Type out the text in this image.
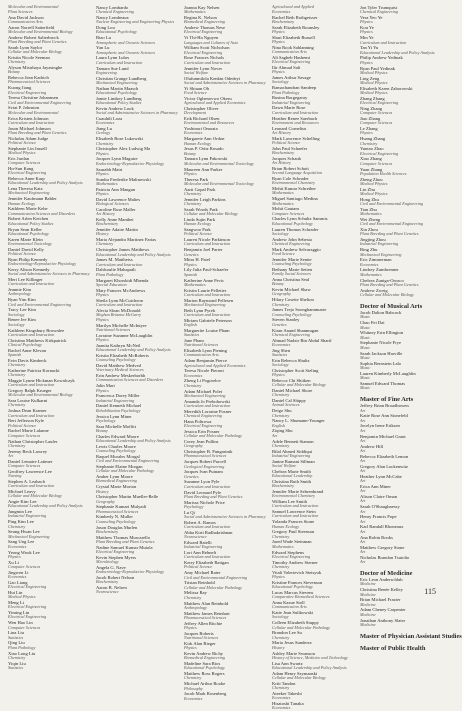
Molecular and Environmental
Plant Sciences
Ana David Jackson
Communication Arts
Aaron Norrell Satterfield
Molecular and Environmental Biology
Andrew Robert Salierbrock
Plant Breeding and Plant Genetics
Sarah Lynn Saylor
Cellular and Molecular Biology
Kristin Nicole Seeman
Chemistry
Alyson Mistrhaya Jayasinghe
Botany
Rebecca Jean Kadrich
Pharmaceutical Sciences
Kuong Jiang
Electrical Engineering
Teresa Christine Johannsen
Civil and Environmental Engineering
Sviat P. Johnston
Molecular and Environmental
Erica Kristen Johnson
Curriculum and Instruction
Jason Michael Johnson
Plant Breeding and Plant Genetics
Nicholas Adam Judge
Political Science
Stephanie Lin Jassell
Medical Physics
Eric Jurdan
Computer Sciences
Hu-Sun Kang
Electrical Engineering
Rebecca Anne Karp
Educational Leadership and Policy Analysis
Lena Theresa Katz
Mechanical Engineering
Jennifer Kaufmann Babler
Human Ecology
Kathleen Marie Kebe
Communication Sciences and Disorders
Robert Arlen Ketchen
Educational Policy Studies
Bryan Sean Keller
Educational Psychology
Karen Marie Klein
Environmental Toxicology
Daniel David Kelly
Political Science
Ryan Philip Kennedy
Endocrinology-Reproductive Physiology
Kerry Alison Kennedy
Social and Administrative Sciences in Pharmacy
Meri Lee Killinger
Curriculum and Instruction
Jeannie Kim
Anthropology
Ryan Yim Kim
Civil and Environmental Engineering
Tracy Lee Kim
Sociology
Renee Jee Kim
Sociology
Kathleen Kingsbury Brownlee
Curriculum and Instruction
Christina Matthews Kirkpatrick
Clinical Psychology
Rachel Anne Klevan
Spanish
Evin Davis Kimbeck
Chemistry
Katherine Patricia Kornacki
Chemistry
Maggie Lynne Hickman Kowalczyk
Curriculum and Instruction
Gregory Ralph Krueger
Molecular and Environmental Biology
Sara Louise Kulkarni
Chemistry
Joshua Dean Kramer
Curriculum and Instruction
Bert Jefferson Kyle
Political Science
Rachel Marie Lalanne
Computer Sciences
Nathan Christopher Laufer
Chemistry
Jeremy Beck Lawrey
Art
Daniel Lemaire Latimer
Computer Sciences
Geoffrey Lawrence Lee
Nursing
Stephen A. Leabach
Curriculum and Instruction
Michael Leavy
Cellular and Molecular Biology
Angie Kim Lee
Educational Leadership and Policy Analysis
Jungmin Lee
Industrial Engineering
Ping Kim Lee
Chemistry
Seung Hwan Lee
Mechanical Engineering
Sang Ung Lee
Economics
Yeong Wook Lee
Physics
Xu Li
Computer Sciences
Jingwen Li
Economics
Gao Liang
Electrical Engineering
Hui Lin
Medical Physics
Meng Li
Electrical Engineering
Yiming Lin
Electrical Engineering
Wen Hao Lin
Computer Sciences
Lina Liu
Statistics
Qing Liu
Plant Pathology
Xiao Long Liu
Chemistry
Yiqin Liu
Statistics
Nancy Lombardo
Chemical Engineering
Nancy Lombeaux
Nuclear Engineering and Engineering Physics
Dong Lou
Educational Psychology
Biao Lu
Atmospheric and Oceanic Sciences
Yan Lu
Atmospheric and Oceanic Sciences
Laura Lynn Luhrs
Curriculum and Instruction
Tamara Sue Lund
Engineering
Christian Grange Lundberg
Mechanical Engineering
Nathan Martin Maasch
Educational Psychology
Jamie Lindsey Lundberg
Educational Policy Studies
Kevin Andrew Look
Social and Administrative Sciences in Pharmacy
Cuauhtli Loza
Economics
Jiang Lu
Geology
Elisabeth Rose Lukowski
Chemistry
Christopher Alex Ludwig Ma
Physics
Jacques Lynn Maguire
Endocrinology-Reproductive Physiology
Saurabh Mairi
Physics
Sondra Frederike Malinowski
Mathematics
Patricia Ann Mangan
Physics
David Lawrence Maltes
Biological Sciences
Caroline Rose Maller
Art History
Kelly Anne Manthei
Biochemistry
Jennifer Adaire Martin
History
Maria Alejandra Martinez Farias
Chemistry
Christopher James Matthews
Educational Leadership and Policy Analysis
James M. Mattheiss
Curriculum and Instruction
Dahlsoulie Mahapatli
Plant Pathology
Margaret Khorshidi Mbenda
Special Education
Mary Frances McAndrews
Physics
Sheila Lynn McCutcheon
Curriculum and Instruction
Alecia Sloan McDonald
Meghan Brianna McGarry
Physics
Marilyn Michelle McIntyre
Nutritional Sciences
Lorraine Suzanne McLaughlin
Physics
Juanita Kathryn McNeil
Educational Leadership and Policy Analysis
Kristin Elizabeth McRoberts
Counseling Psychology
David Matthew Medved
Veterinary Medical Sciences
Erin Andrew Meskerborbh
Communication Sciences and Disorders
Jalin Mari
Physics
Francesca Dorey Miller
Industrial Engineering
Daniel Kenneth Michael
Rehabilitation Psychology
Jessica Lynn Miner
Psychology
Sara Michelle Moffitt
Botany
Charles Edward Moore
Educational Leadership and Policy Analysis
Lewis Charles Moore
Counseling Psychology
Raquel Morales Morgal
Civil and Environmental Engineering
Stephanie Elaine Morgan
Cellular and Molecular Pathology
Amber Lynn Moore
Biomedical Engineering
Crystal Marie Morton
History
Christopher Martin Mueller-Belle
Geography
Stephanie Kumari Mulyadi
Pharmaceutical Sciences
Kimberly N. Muller
Counseling Psychology
Jason Douglas Murlen
Biochemistry
Matthew Thomas Muscarello
Plant Breeding and Plant Genetics
Nadine Samuel Kumar Mutola
Electrical Engineering
Kevin Stephen Myers
Microbiology
Angela G. Nave
Endocrinology-Reproductive Physiology
Jacob Robert Nelson
Biochemistry
Aaron B. Nelsen
Neuroscience
Joanna Kay Nelsen
Mathematics
Regina K. Nelson
Biomedical Engineering
Andrew Thomas Nese
Electrical Engineering
Vi Thi-Ha Nguyen
Languages and Cultures of Asia
William Scott Nicholson
Electrical Engineering
Rose Frances Nichols
Curriculum and Instruction
Jennifer Lynn Nover
Social Welfare
Olufunmilola Kenkin Odedeyi
Social and Administrative Sciences in Pharmacy
Yi Shiuan Oh
Food Science
Victor Oghenovwo Okeru
Agricultural and Applied Economics
Christopher Oliver
Development
Erik Richard Olsen
Environmental and Resources
Yoshinori Omoata
Economics
Margarete Ann Ordon
Human Ecology
Jesus P. Ortiz Rosado
Botany
Tamara Lynn Pakowski
Molecular and Environmental Toxicology
Maureen Ann Parker
Physics
Theresa Park
Molecular and Environmental Toxicology
Aarti Gopal Park
Chemistry
Jennifer Leigh Parkins
Chemistry
Sarah Woods Park
Cellular and Molecular Biology
Linda Sujin Park
Human Ecology
Sangwoo Park
Political Science
Lauren Nicole Parkinson
Curriculum and Instruction
Benjamin Joel Parter
Genetics
Mitra H. Patel
Physics
Lily Julia Paul-Schaefer
Spanish
Katherine Anne Pecic
Mathematics
Kristin Laurie Pelletier
Curriculum and Instruction
Marion Raymond Pellesen
Mechanical Engineering
Beth Lynn Pyrek
Curriculum and Instruction
Miriam Gabriele Peterson
English
Marguerite Louise Pham
Statistics
Jane Pham
Nutritional Sciences
Elisabeth Lynn Piening
Communication Arts
Adam Benjamin Pierce
Agricultural and Applied Economics
Teresa Nicole Pieroni
Economics
Zheng Li Pogorelov
Chemistry
Adam Michael Polet
Mechanical Engineering
Amanda Jo Prebohowski
Curriculum and Instruction
Meredith Lorraine Posner
Chemical Engineering
Hana Poltrowa
Electrical Engineering
Jessica Erin Posner
Cellular and Molecular Pathology
Corey Jean Pullins
Geography
Christopher B. Pungartnik
Pharmaceutical Sciences
Jacques Robert Purcell
Geological Engineering
Jacques Ivan Putnam
Genetics
Suzanne Lyon Pyle
Curriculum and Instruction
David Leonard Pyle
Plant Breeding and Plant Genetics
Marissa Nichole Price
Psychology
Lu Qi
Social and Administrative Sciences in Pharmacy
Robert A. Ramos
Curriculum and Instruction
Abha Kirti Radhakrishnan
Neuroscience
Edward Ratelli
Industrial Engineering
Lori Ann Rehnelt
Curriculum and Instruction
Kerry Elizabeth Ratigan
Political Science
Amy Michael Rater
Civil and Environmental Engineering
Tristan Reinhold
Cellular and Molecular Pathology
Melissa Ray
Chemistry
Matthew Alan Reinbold
Anthropology
Matthew James Reinhart
Pharmaceutical Sciences
Jeffrey Allen Ritchie
Physics
Jacques Roberts
Nutritional Sciences
Kirk Alan Rieger
Physics
Kevin Andrew Richy
Biomedical Engineering
Madeline Sara Rios
Educational Psychology
Matthew Ross Rogers
Chemistry
Michael Arthur Rooke
Philosophy
Jacob Mark Rosenberg
Economics
Agricultural and Applied
Economics
Rachel Beth Rothgeisser
Biochemistry
Sarah Elizabeth Rounsley
Physics
Shari Elizabeth Russell
Physics
Nina Rook Sahlanning
Communication Arts
Ali Sagheb Hashemi
Electrical Engineering
Ilir Ahmad Sali
Physics
James Arthur Savage
Sociology
Ramachandran Sandeep
Plant Pathology
Rusina Borgegaray
Industrial Engineering
Dawn Marie Rose
Curriculum and Instruction
Heather Renee Saerbach
Environment and Resources
Leonard Cornelius
Art History
Mark Lawrence Schelling
Political Science
John Paul Schaefer
Biochemistry
Jacques Schaub
Art History
Brian Robert Schott
Second Language Acquisition
Ryan Cole Schrader
Environmental Chemistry
Mohit Kumar Schreiber
Mathematics
Miguel Santiago Medina
Mathematics
Mohit Gautam
Computer Sciences
Charles Lynn Schultz Sammis
Educational Psychology
Lauren Thomas Schrader
Sociology
Andrew John Sebesta
Chemical Engineering
Mark Andrew Selvaraggio
Food Science
Jennifer Marie Sentie
Counseling Psychology
Bethany Marie Setten
Family Social Sciences
Anna Christina Seul
Botany
Kevin Michael Shaw
Geography
Hilary Cosette Shelton
Chemistry
James Trejo Soonghannmarie
Counseling Psychology
Steven Stanley
Genetics
Kiran Anand Shanmugan
Chemical Engineering
Ahmad Nadzir Bin Abdul Sharif
Economics
Jing Shen
Statistics
Erin Rebecca Shultz
Sociology
Christopher Scott Sieling
Physics
Rebecca Chi Shiiken
Cellular and Molecular Biology
Daniel Michael Shore
Chemistry
Daniel Cal Shippy
Animal Sciences
Deigo Shu
Chemistry
Nancy L. Shumann-Younger
English
Ziqing Shu
Art
Adele Bennett Siamon
Chemistry
Bilal Ahmed Siddiqui
Industrial Engineering
Janine Ramani Sillman
Social Welfare
Chelsea Marie Smith
Educational Leadership
Christina Ruth Smith
Biochemistry
Jennifer Marie Sehrenbrand
Environmental Chemistry
William Lee Smith
Curriculum and Instruction
Samuel Lawrence Stein
Curriculum and Instruction
Yolanda Frances Stone
Human Ecology
Gregory Paul Steenson
Chemistry
Jared Wade Steinman
Mathematics
Edward Stephens
Electrical Engineering
Timothy Andrew Sterner
Chemistry
Vitali Valerievich Stetsyuk
Physics
Kristine Frances Stevenson
Educational Psychology
Lucas Marcus Stevens
Comparative Biomedical Sciences
Anna Kazue Stoll
Communication Arts
Katie Jean Sulikowski
Sociology
Colleen Elizabeth Stuppy
Cellular and Molecular Pathology
Brandon Lee Su
Chemistry
Maria Jesus Sunderra
History
Ashley Marie Swanson
History of Science, Medicine and Technology
Lisa Ann Swartz
Educational Leadership and Policy Analysis
Adam Henry Szymanski
Cellular and Molecular Biology
Kriti Tandon
Chemistry
Ateeker Takeshi
Economics
Hisatoshi Tanaka
Economics
Jon Tyler Trumquist
Chemical Engineering
Vera Yeo Ye
Physics
Kou Ye
Physics
Min Ye
Curriculum and Instruction
Tan Yi Yu
Educational Leadership and Policy Analysis
Philip Andrew Yedinak
Physics
Ryan Paul Yedinak
Medical Physics
Ling Zeng
Medical Physics
Elisabeth Karen Zaborowski
Medical Physics
Zhang Zhang
Electrical Engineering
Ning Zhang
Computer Sciences
Jiao Zhang
Computer Sciences
Le Zhang
Physics
Huang Zhang
Chemistry
Yuntao Zhao
Electrical Engineering
Xiao Zhang
Computer Sciences
Yuan Zhang
Population Health Sciences
Zheng Zhou
Medical Physics
Lin Zhu
Medical Physics
Hong Zhu
Civil and Environmental Engineering
Tian Zhu
Mathematics
Wei Zheng
Civil and Environmental Engineering
Xin Zhou
Plant Breeding and Plant Genetics
Jingjing Zhou
Industrial Engineering
Bing Zhu
Mechanical Engineering
Eric Zimmerman
Economics
Lindsey Zumbrenner
Mathematics
Chelsea Zuniga-Orozco
Plant Breeding and Plant Genetics
Andrew Zweig
Cellular and Molecular Biology
Doctor of Musical Arts
Jacob Dalton Babcock
Music
Chao Fei Dai
Music
Whitney Erin Ellington
Music
Stephanie Nicole Frye
Music
Sarah Jackson Harville
Music
Sophia Bernstein Lalo
Music
Lauren Kimberly McLaughlin
Music
Samuel Edward Thomas
Music
Master of Fine Arts
Jeffrey Brian Broadbowen
Art
Katie Rose Ann Stonefeld
Art
Jocelyn Irene Eriksen
Art
Benjamin Michael Grant
Art
Andrew Hill
Art
Rebecca Elizabeth Lemon
Art
Gregory Alan Luckenwitz
Art
Heather Lynn McCabe
Art
Erica Ann Miner
Art
Alison Claire Oman
Art
Sarah O'Shaughnessy
Art
Henry Francis Pope
Art
Karl Randall Rhoneaux
Art
Ana Robin Rooks
Art
Matthew Gregory Stone
Art
Nicholas Brandon Tsutolio
Art
Doctor of Medicine
Eric Leon Anderschlub
Medicine
Christina Renée Kelley
Medicine
Brian Michael Frazier
Medicine
Adam Cheney Carpenter
Medicine
Jonathan Anthony Slater
Medicine
Master of Physician Assistant Studies
Master of Public Health
115
